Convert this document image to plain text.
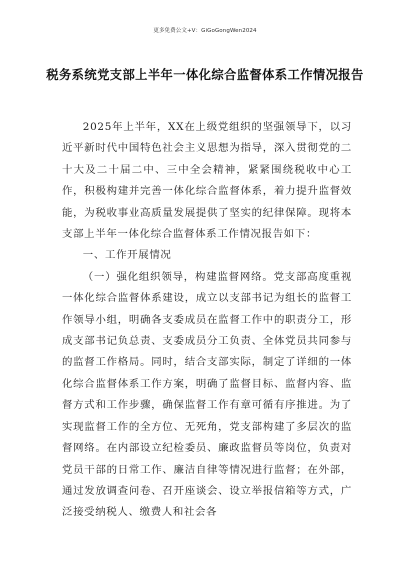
更多免费公文+V：GiGoGongWen2024
税务系统党支部上半年一体化综合监督体系工作情况报告

2025年上半年，XX在上级党组织的坚强领导下，以习近平新时代中国特色社会主义思想为指导，深入贯彻党的二十大及二十届二中、三中全会精神，紧紧围绕税收中心工作，积极构建并完善一体化综合监督体系，着力提升监督效能，为税收事业高质量发展提供了坚实的纪律保障。现将本支部上半年一体化综合监督体系工作情况报告如下：

一、工作开展情况

（一）强化组织领导，构建监督网络。党支部高度重视一体化综合监督体系建设，成立以支部书记为组长的监督工作领导小组，明确各支委成员在监督工作中的职责分工，形成支部书记负总责、支委成员分工负责、全体党员共同参与的监督工作格局。同时，结合支部实际，制定了详细的一体化综合监督体系工作方案，明确了监督目标、监督内容、监督方式和工作步骤，确保监督工作有章可循有序推进。为了实现监督工作的全方位、无死角，党支部构建了多层次的监督网络。在内部设立纪检委员、廉政监督员等岗位，负责对党员干部的日常工作、廉洁自律等情况进行监督；在外部，通过发放调查问卷、召开座谈会、设立举报信箱等方式，广泛接受纳税人、缴费人和社会各
